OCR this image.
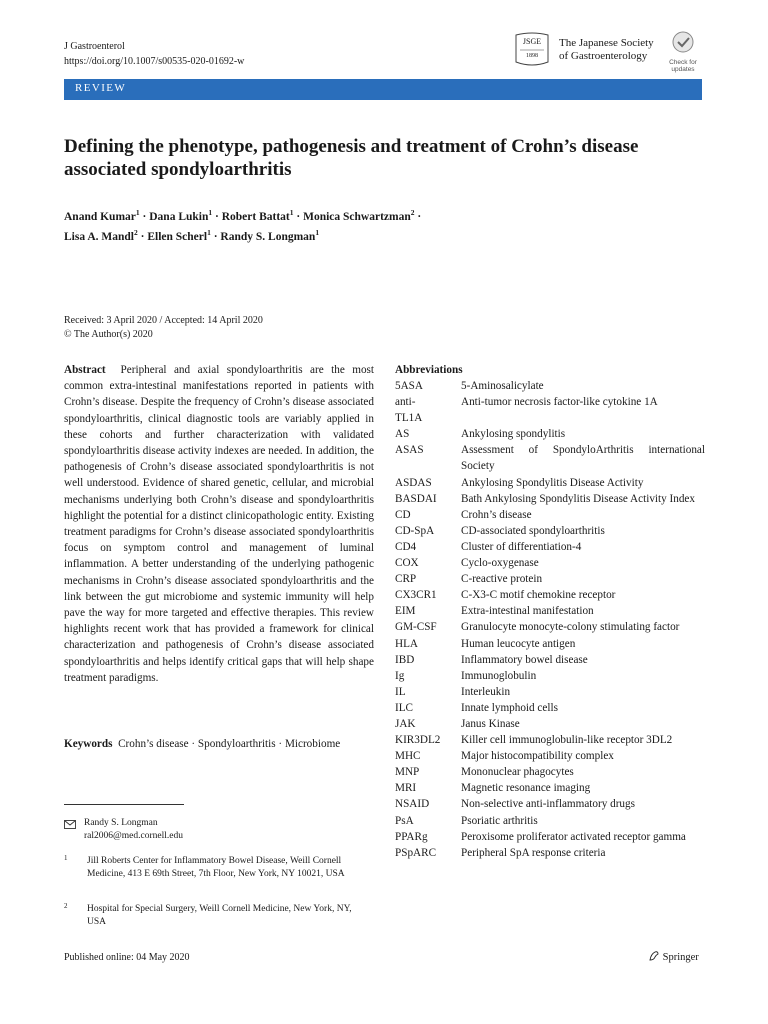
J Gastroenterol
https://doi.org/10.1007/s00535-020-01692-w
JSGE
1898
The Japanese Society
of Gastroenterology
Check for
updates
REVIEW
Defining the phenotype, pathogenesis and treatment of Crohn’s disease associated spondyloarthritis
Anand Kumar$^1$ · Dana Lukin$^1$ · Robert Battat$^1$ · Monica Schwartzman$^2$ ·
Lisa A. Mandl$^2$ · Ellen Scherl$^1$ · Randy S. Longman$^1$
Received: 3 April 2020 / Accepted: 14 April 2020
© The Author(s) 2020
Abstract Peripheral and axial spondyloarthritis are the most common extra-intestinal manifestations reported in patients with Crohn’s disease. Despite the frequency of Crohn’s disease associated spondyloarthritis, clinical diagnostic tools are variably applied in these cohorts and further characterization with validated spondyloarthritis disease activity indexes are needed. In addition, the pathogenesis of Crohn’s disease associated spondyloarthritis is not well understood. Evidence of shared genetic, cellular, and microbial mechanisms underlying both Crohn’s disease and spondyloarthritis highlight the potential for a distinct clinicopathologic entity. Existing treatment paradigms for Crohn’s disease associated spondyloarthritis focus on symptom control and management of luminal inflammation. A better understanding of the underlying pathogenic mechanisms in Crohn’s disease associated spondyloarthritis and the link between the gut microbiome and systemic immunity will help pave the way for more targeted and effective therapies. This review highlights recent work that has provided a framework for clinical characterization and pathogenesis of Crohn’s disease associated spondyloarthritis and helps identify critical gaps that will help shape treatment paradigms.
Keywords Crohn’s disease · Spondyloarthritis · Microbiome
Randy S. Longman
ral2006@med.cornell.edu
1 Jill Roberts Center for Inflammatory Bowel Disease, Weill Cornell Medicine, 413 E 69th Street, 7th Floor, New York, NY 10021, USA
2 Hospital for Special Surgery, Weill Cornell Medicine, New York, NY, USA
Abbreviations
5ASA	5-Aminosalicylate
anti-	Anti-tumor necrosis factor-like cytokine 1A
TL1A
AS	Ankylosing spondylitis
ASAS	Assessment of SpondyloArthritis international Society
ASDAS	Ankylosing Spondylitis Disease Activity
BASDAI	Bath Ankylosing Spondylitis Disease Activity Index
CD	Crohn’s disease
CD-SpA	CD-associated spondyloarthritis
CD4	Cluster of differentiation-4
COX	Cyclo-oxygenase
CRP	C-reactive protein
CX3CR1	C-X3-C motif chemokine receptor
EIM	Extra-intestinal manifestation
GM-CSF	Granulocyte monocyte-colony stimulating factor
HLA	Human leucocyte antigen
IBD	Inflammatory bowel disease
Ig	Immunoglobulin
IL	Interleukin
ILC	Innate lymphoid cells
JAK	Janus Kinase
KIR3DL2	Killer cell immunoglobulin-like receptor 3DL2
MHC	Major histocompatibility complex
MNP	Mononuclear phagocytes
MRI	Magnetic resonance imaging
NSAID	Non-selective anti-inflammatory drugs
PsA	Psoriatic arthritis
PPARg	Peroxisome proliferator activated receptor gamma
PSpARC	Peripheral SpA response criteria
Published online: 04 May 2020	Springer
